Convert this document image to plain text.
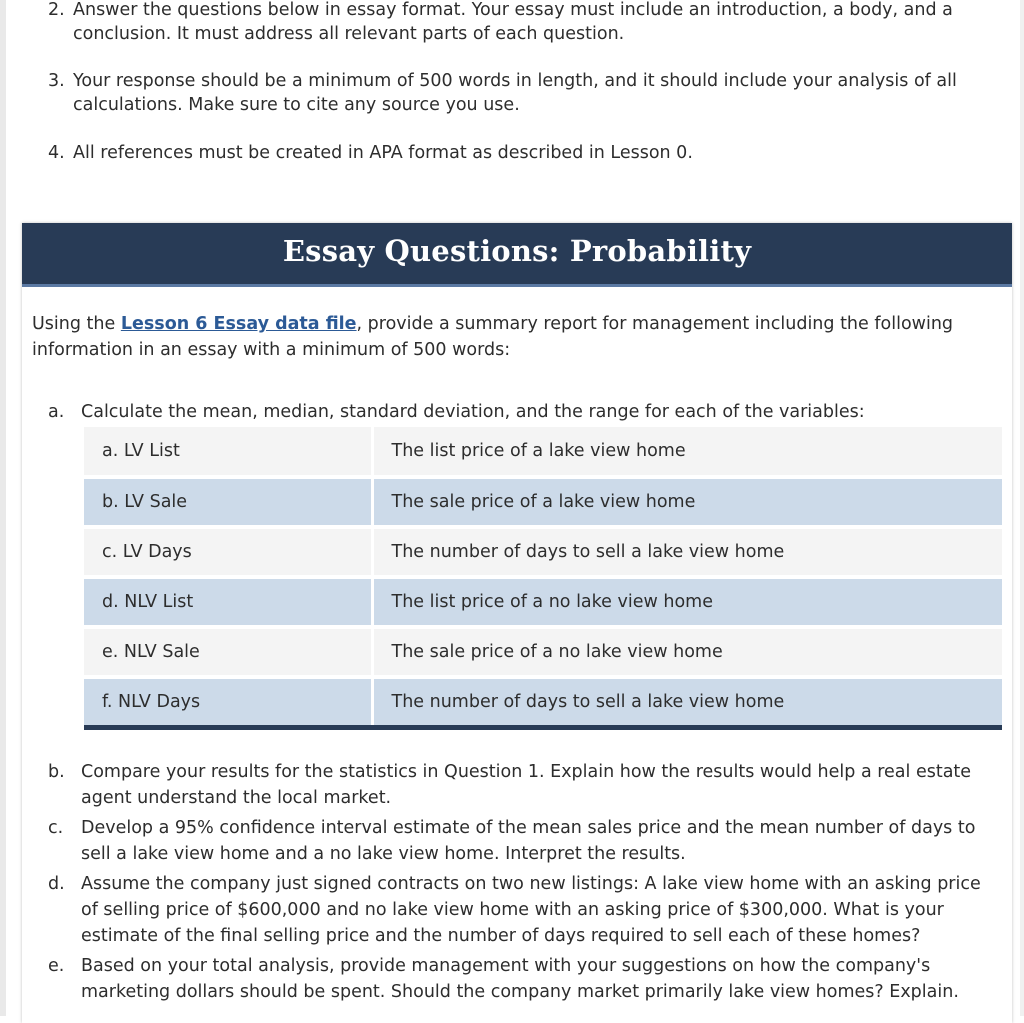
2. Answer the questions below in essay format. Your essay must include an introduction, a body, and a conclusion. It must address all relevant parts of each question.
3. Your response should be a minimum of 500 words in length, and it should include your analysis of all calculations. Make sure to cite any source you use.
4. All references must be created in APA format as described in Lesson 0.
Essay Questions: Probability

Using the Lesson 6 Essay data file, provide a summary report for management including the following information in an essay with a minimum of 500 words:

a. Calculate the mean, median, standard deviation, and the range for each of the variables:
a. LV List	The list price of a lake view home
b. LV Sale	The sale price of a lake view home
c. LV Days	The number of days to sell a lake view home
d. NLV List	The list price of a no lake view home
e. NLV Sale	The sale price of a no lake view home
f. NLV Days	The number of days to sell a lake view home
b. Compare your results for the statistics in Question 1. Explain how the results would help a real estate agent understand the local market.
c.	Develop a 95% confidence interval estimate of the mean sales price and the mean number of days to sell a lake view home and a no lake view home. Interpret the results.
d. Assume the company just signed contracts on two new listings: A lake view home with an asking price of selling price of $600,000 and no lake view home with an asking price of $300,000. What is your estimate of the final selling price and the number of days required to sell each of these homes?
e. Based on your total analysis, provide management with your suggestions on how the company's marketing dollars should be spent. Should the company market primarily lake view homes? Explain.
